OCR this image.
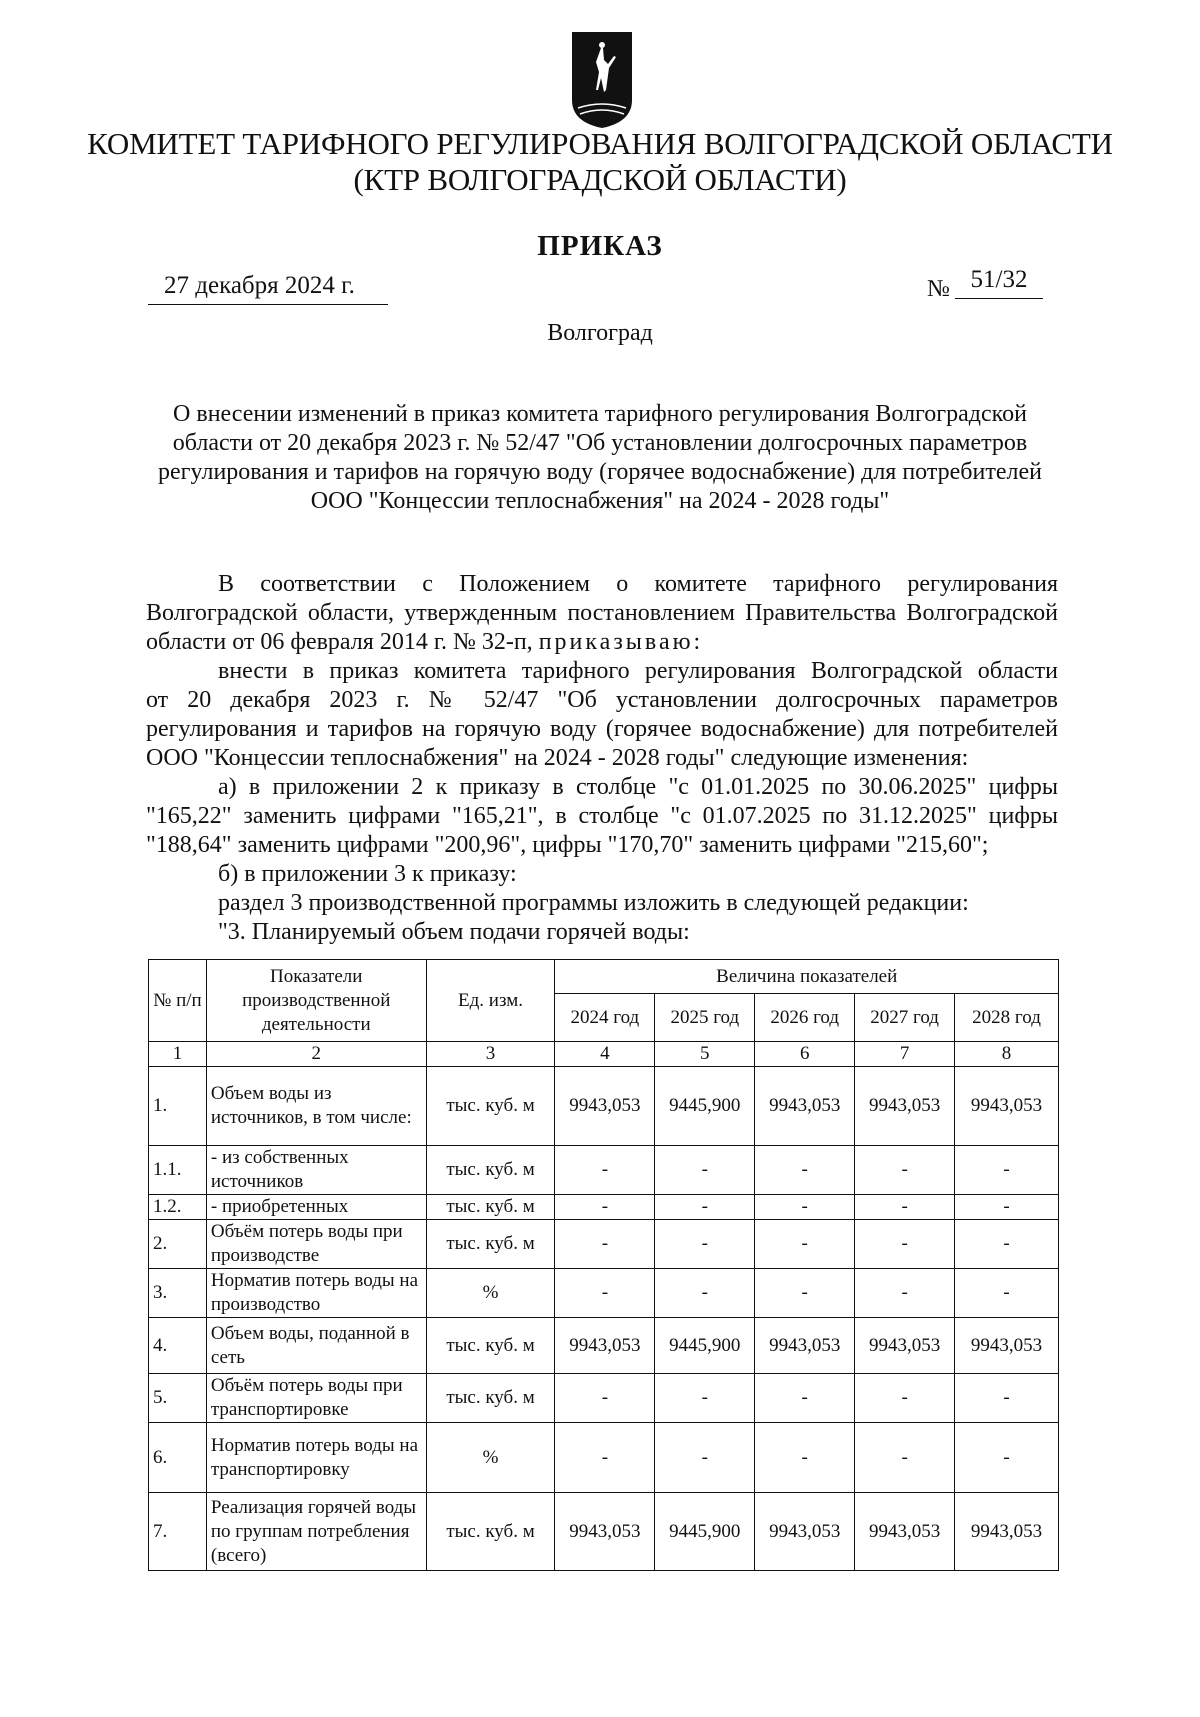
КОМИТЕТ ТАРИФНОГО РЕГУЛИРОВАНИЯ ВОЛГОГРАДСКОЙ ОБЛАСТИ
(КТР ВОЛГОГРАДСКОЙ ОБЛАСТИ)
ПРИКАЗ
27 декабря 2024 г.	№ 51/32
Волгоград
О внесении изменений в приказ комитета тарифного регулирования Волгоградской области от 20 декабря 2023 г. № 52/47 "Об установлении долгосрочных параметров регулирования и тарифов на горячую воду (горячее водоснабжение) для потребителей ООО "Концессии теплоснабжения" на 2024 - 2028 годы"

В соответствии с Положением о комитете тарифного регулирования

Волгоградской области, утвержденным постановлением Правительства Волгоградской

области от 06 февраля 2014 г. № 32-п, приказываю:

внести в приказ комитета тарифного регулирования Волгоградской области

от 20 декабря 2023 г. № 52/47 "Об установлении долгосрочных параметров

регулирования и тарифов на горячую воду (горячее водоснабжение) для потребителей

ООО "Концессии теплоснабжения" на 2024 - 2028 годы" следующие изменения:

а) в приложении 2 к приказу в столбце "с 01.01.2025 по 30.06.2025" цифры

"165,22" заменить цифрами "165,21", в столбце "с 01.07.2025 по 31.12.2025" цифры

"188,64" заменить цифрами "200,96", цифры "170,70" заменить цифрами "215,60";

б) в приложении 3 к приказу:

раздел 3 производственной программы изложить в следующей редакции:

"3. Планируемый объем подачи горячей воды:

№ п/п	Показатели производственной деятельности	Ед. изм.	Величина показателей				
			2024 год	2025 год	2026 год	2027 год	2028 год
1	2	3	4	5	6	7	8
1.	Объем воды из источников, в том числе:	тыс. куб. м	9943,053	9445,900	9943,053	9943,053	9943,053
1.1.	- из собственных источников	тыс. куб. м	-	-	-	-	-
1.2.	- приобретенных	тыс. куб. м	-	-	-	-	-
2.	Объём потерь воды при производстве	тыс. куб. м	-	-	-	-	-
3.	Норматив потерь воды на производство	%	-	-	-	-	-
4.	Объем воды, поданной в сеть	тыс. куб. м	9943,053	9445,900	9943,053	9943,053	9943,053
5.	Объём потерь воды при транспортировке	тыс. куб. м	-	-	-	-	-
6.	Норматив потерь воды на транспортировку	%	-	-	-	-	-
7.	Реализация горячей воды по группам потребления (всего)	тыс. куб. м	9943,053	9445,900	9943,053	9943,053	9943,053
